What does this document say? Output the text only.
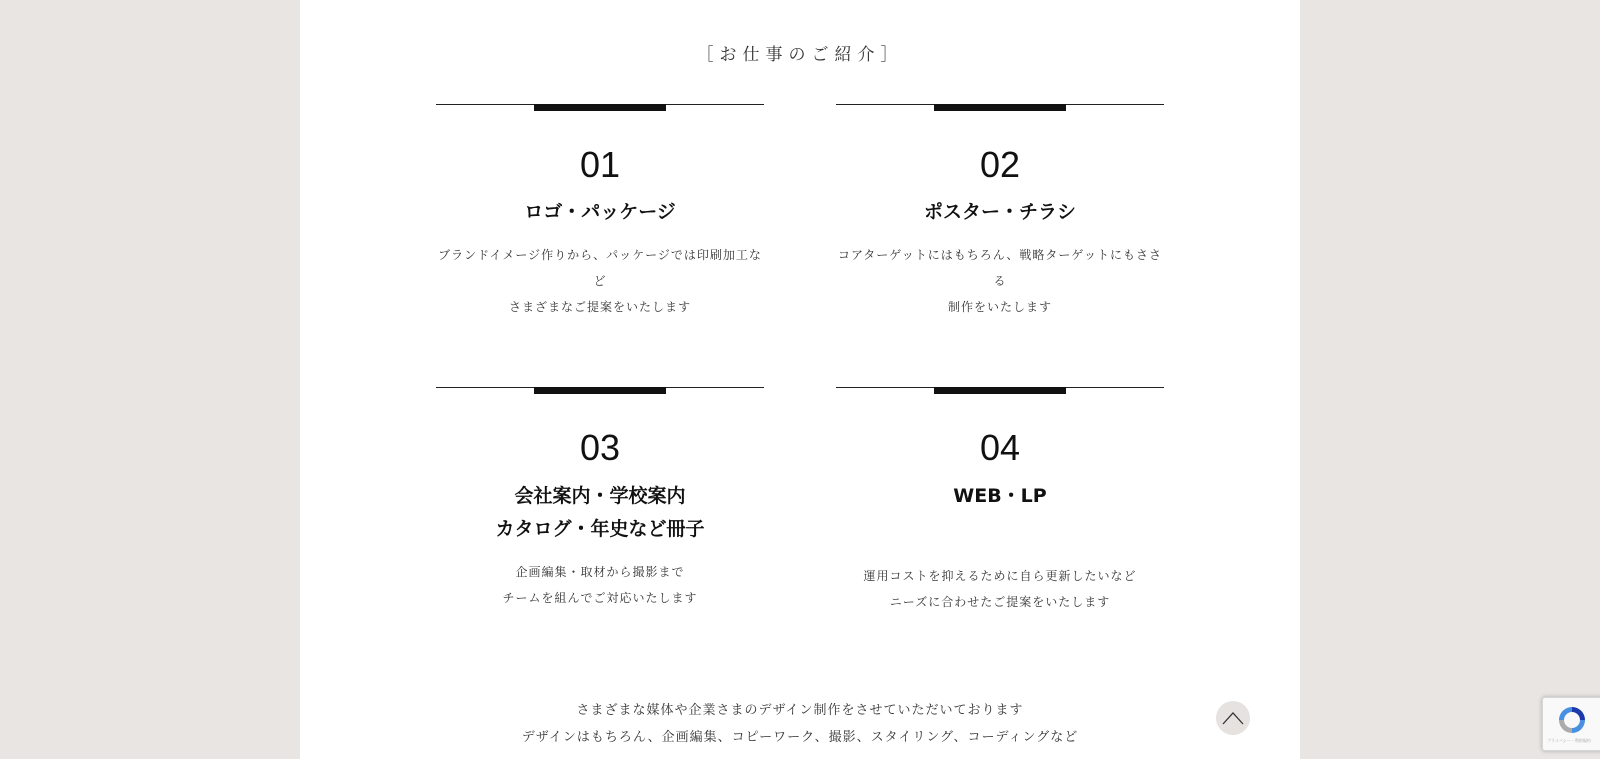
［お仕事のご紹介］
01
ロゴ・パッケージ
ブランドイメージ作りから、パッケージでは印刷加工など
さまざまなご提案をいたします
02
ポスター・チラシ
コアターゲットにはもちろん、戦略ターゲットにもささる
制作をいたします
03
会社案内・学校案内
カタログ・年史など冊子
企画編集・取材から撮影まで
チームを組んでご対応いたします
04
WEB・LP
運用コストを抑えるために自ら更新したいなど
ニーズに合わせたご提案をいたします
さまざまな媒体や企業さまのデザイン制作をさせていただいております
デザインはもちろん、企画編集、コピーワーク、撮影、スタイリング、コーディングなど	プライバシー - 利用規約
